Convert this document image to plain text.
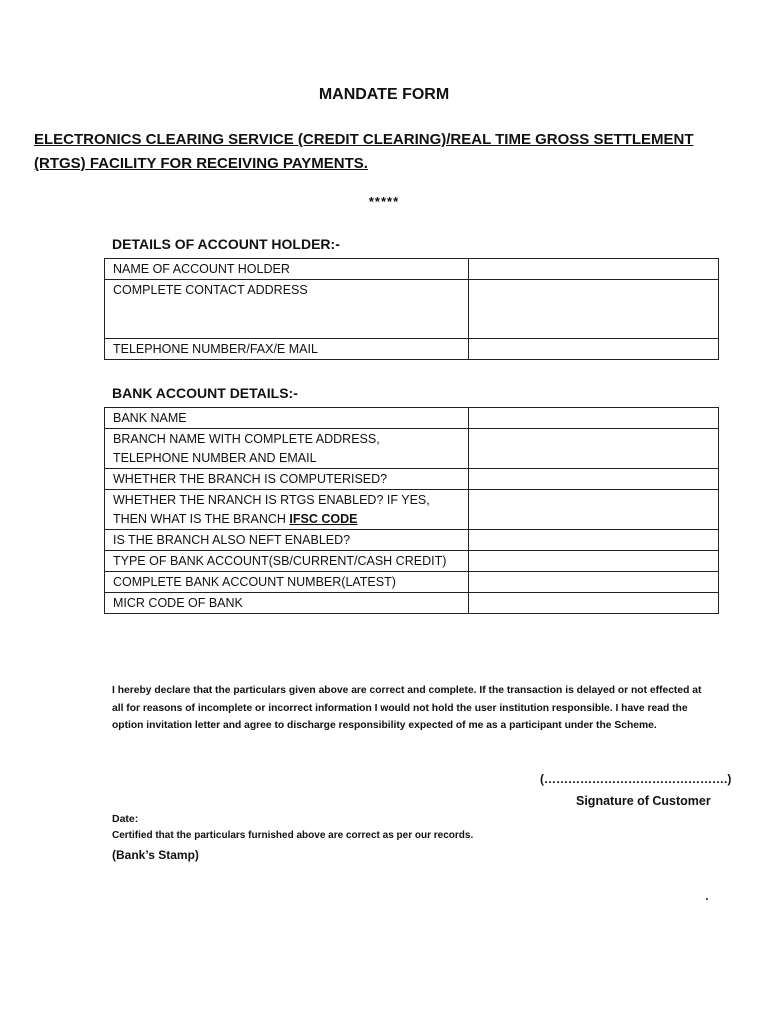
MANDATE FORM
ELECTRONICS CLEARING SERVICE (CREDIT CLEARING)/REAL TIME GROSS SETTLEMENT
(RTGS) FACILITY FOR RECEIVING PAYMENTS.
*****
DETAILS OF ACCOUNT HOLDER:-
NAME OF ACCOUNT HOLDER	
COMPLETE CONTACT ADDRESS	
TELEPHONE NUMBER/FAX/E MAIL	
BANK ACCOUNT DETAILS:-
BANK NAME	

BRANCH NAME WITH COMPLETE ADDRESS,
TELEPHONE NUMBER AND EMAIL	

WHETHER THE BRANCH IS COMPUTERISED?	

WHETHER THE NRANCH IS RTGS ENABLED? IF YES,
THEN WHAT IS THE BRANCH IFSC CODE	

IS THE BRANCH ALSO NEFT ENABLED?	
TYPE OF BANK ACCOUNT(SB/CURRENT/CASH CREDIT)	
COMPLETE BANK ACCOUNT NUMBER(LATEST)	
MICR CODE OF BANK	
I hereby declare that the particulars given above are correct and complete. If the transaction is delayed or not effected at all for reasons of incomplete or incorrect information I would not hold the user institution responsible. I have read the option invitation letter and agree to discharge responsibility expected of me as a participant under the Scheme.
(……………………………………….)
Signature of Customer
Date:
Certified that the particulars furnished above are correct as per our records.
(Bank’s Stamp)
